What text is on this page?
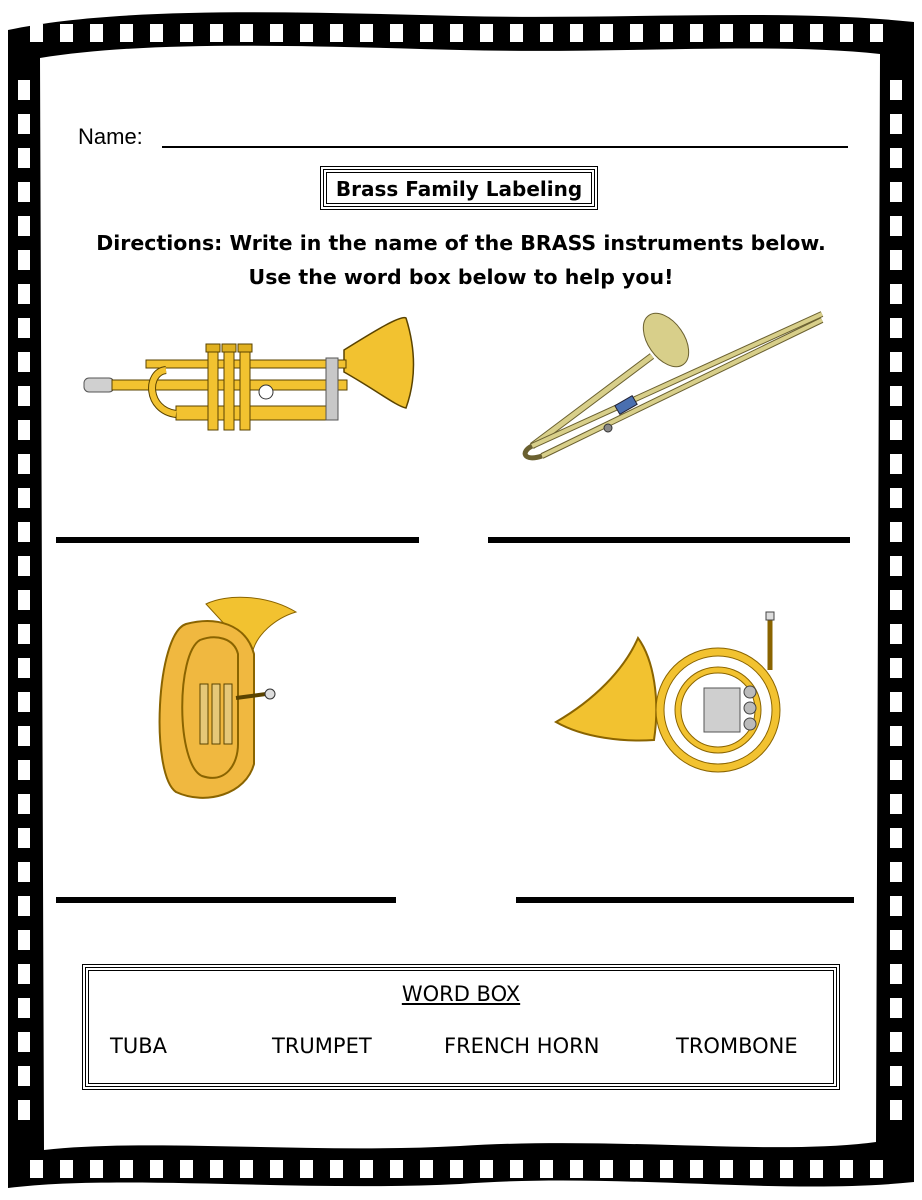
Name:
Brass Family Labeling
Directions: Write in the name of the BRASS instruments below.
Use the word box below to help you!
WORD BOX
TUBA	TRUMPET	FRENCH HORN	TROMBONE
